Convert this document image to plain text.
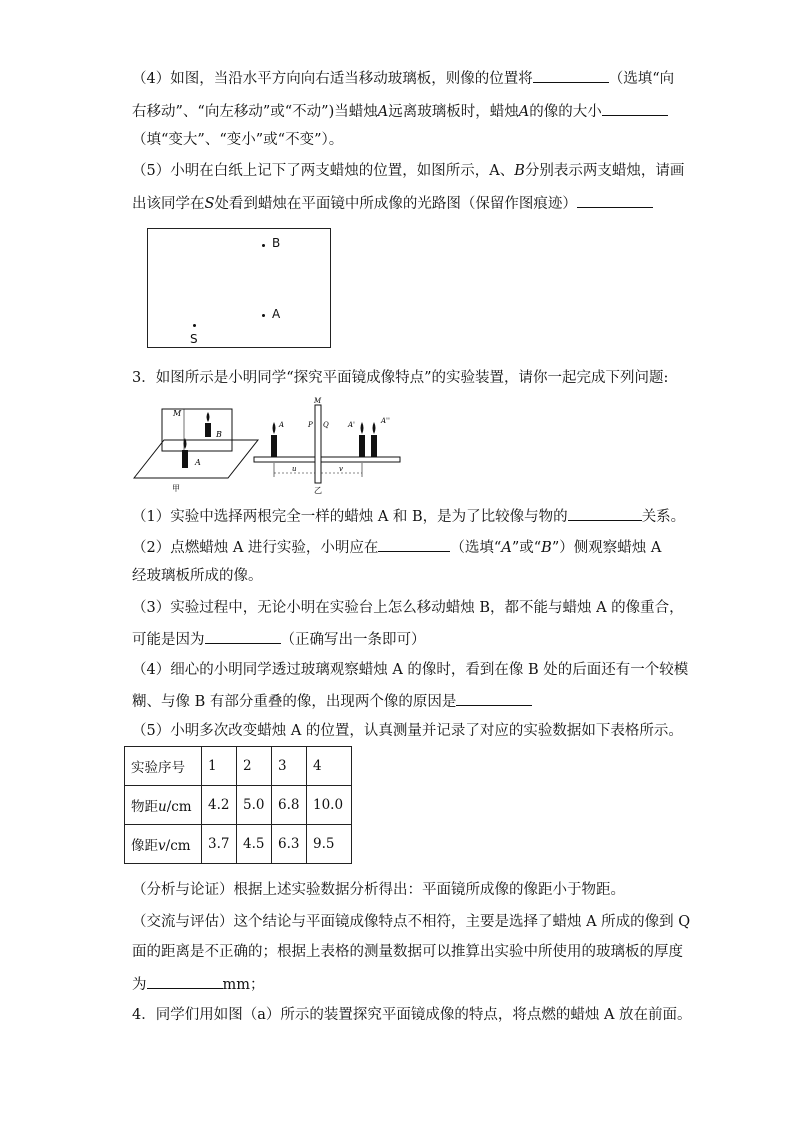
（4）如图，当沿水平方向向右适当移动玻璃板，则像的位置将	（选填“向
右移动”、“向左移动”或“不动”)当蜡烛A远离玻璃板时，蜡烛A的像的大小
（填“变大”、“变小”或“不变”）。
（5）小明在白纸上记下了两支蜡烛的位置，如图所示，A、B分别表示两支蜡烛，请画
出该同学在S处看到蜡烛在平面镜中所成像的光路图（保留作图痕迹）
B
A
S
3．如图所示是小明同学“探究平面镜成像特点”的实验装置，请你一起完成下列问题:
M
B
A
甲
M
P Q
A	A'	A''
u	v
乙
（1）实验中选择两根完全一样的蜡烛 A 和 B，是为了比较像与物的	关系。
（2）点燃蜡烛 A 进行实验，小明应在	（选填“A”或“B”）侧观察蜡烛 A
经玻璃板所成的像。
（3）实验过程中，无论小明在实验台上怎么移动蜡烛 B，都不能与蜡烛 A 的像重合，
可能是因为	（正确写出一条即可）
（4）细心的小明同学透过玻璃观察蜡烛 A 的像时，看到在像 B 处的后面还有一个较模
糊、与像 B 有部分重叠的像，出现两个像的原因是
（5）小明多次改变蜡烛 A 的位置，认真测量并记录了对应的实验数据如下表格所示。
实验序号	1	2	3	4
物距u/cm	4.2	5.0	6.8	10.0
像距v/cm	3.7	4.5	6.3	9.5
（分析与论证）根据上述实验数据分析得出：平面镜所成像的像距小于物距。
（交流与评估）这个结论与平面镜成像特点不相符，主要是选择了蜡烛 A 所成的像到 Q
面的距离是不正确的；根据上表格的测量数据可以推算出实验中所使用的玻璃板的厚度
为	mm；
4．同学们用如图（a）所示的装置探究平面镜成像的特点，将点燃的蜡烛 A 放在前面。
